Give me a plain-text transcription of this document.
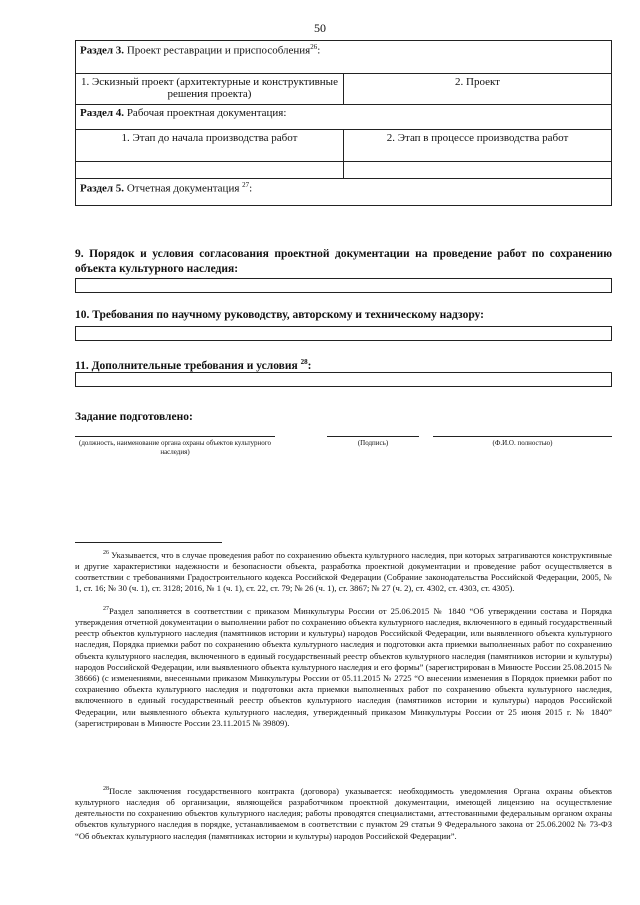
50
Раздел 3. Проект реставрации и приспособления$^{26}$:	
1. Эскизный проект (архитектурные и конструктивные решения проекта)	2. Проект
Раздел 4. Рабочая проектная документация:	
1. Этап до начала производства работ	2. Этап в процессе производства работ

Раздел 5. Отчетная документация $^{27}$:	
9. Порядок и условия согласования проектной документации на проведение работ по сохранению объекта культурного наследия:
10. Требования по научному руководству, авторскому и техническому надзору:
11. Дополнительные требования и условия $^{28}$:
Задание подготовлено:
(должность, наименование органа охраны объектов культурного наследия)
(Подпись)	(Ф.И.О. полностью)
$^{26}$ Указывается, что в случае проведения работ по сохранению объекта культурного наследия, при которых затрагиваются конструктивные и другие характеристики надежности и безопасности объекта, разработка проектной документации и проведение работ осуществляется в соответствии с требованиями Градостроительного кодекса Российской Федерации (Собрание законодательства Российской Федерации, 2005, № 1, ст. 16; № 30 (ч. 1), ст. 3128; 2016, № 1 (ч. 1), ст. 22, ст. 79; № 26 (ч. 1), ст. 3867; № 27 (ч. 2), ст. 4302, ст. 4303, ст. 4305).
$^{27}$Раздел заполняется в соответствии с приказом Минкультуры России от 25.06.2015 № 1840 “Об утверждении состава и Порядка утверждения отчетной документации о выполнении работ по сохранению объекта культурного наследия, включенного в единый государственный реестр объектов культурного наследия (памятников истории и культуры) народов Российской Федерации, или выявленного объекта культурного наследия, Порядка приемки работ по сохранению объекта культурного наследия и подготовки акта приемки выполненных работ по сохранению объекта культурного наследия, включенного в единый государственный реестр объектов культурного наследия (памятников истории и культуры) народов Российской Федерации, или выявленного объекта культурного наследия и его формы” (зарегистрирован в Минюсте России 25.08.2015 № 38666) (с изменениями, внесенными приказом Минкультуры России от 05.11.2015 № 2725 “О внесении изменения в Порядок приемки работ по сохранению объекта культурного наследия и подготовки акта приемки выполненных работ по сохранению объекта культурного наследия, включенного в единый государственный реестр объектов культурного наследия (памятников истории и культуры) народов Российской Федерации, или выявленного объекта культурного наследия, утвержденный приказом Минкультуры России от 25 июня 2015 г. № 1840” (зарегистрирован в Минюсте России 23.11.2015 № 39809).
$^{28}$После заключения государственного контракта (договора) указывается: необходимость уведомления Органа охраны объектов культурного наследия об организации, являющейся разработчиком проектной документации, имеющей лицензию на осуществление деятельности по сохранению объектов культурного наследия; работы проводятся специалистами, аттестованными федеральным органом охраны объектов культурного наследия в порядке, устанавливаемом в соответствии с пунктом 29 статьи 9 Федерального закона от 25.06.2002 № 73-ФЗ “Об объектах культурного наследия (памятниках истории и культуры) народов Российской Федерации”.
